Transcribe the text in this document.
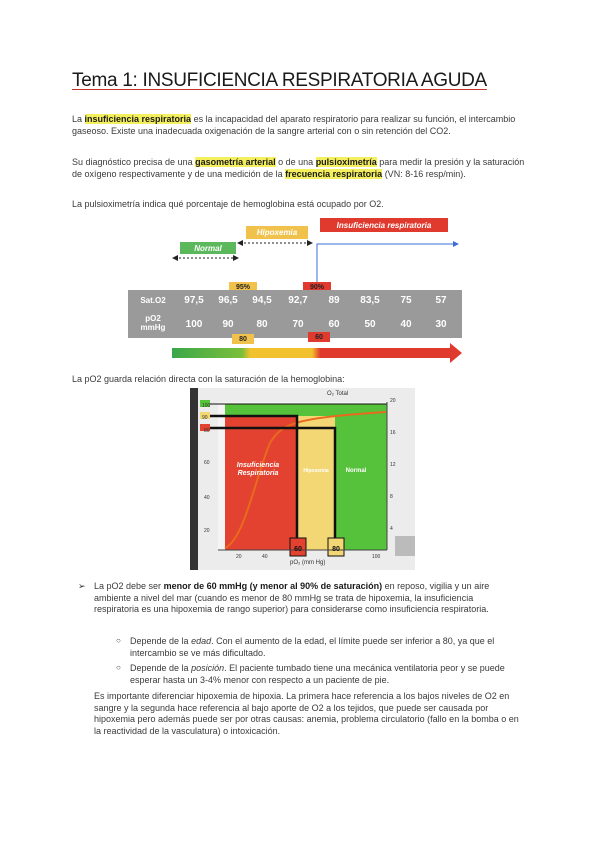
Tema 1: INSUFICIENCIA RESPIRATORIA AGUDA
La insuficiencia respiratoria es la incapacidad del aparato respiratorio para realizar su función, el intercambio gaseoso. Existe una inadecuada oxigenación de la sangre arterial con o sin retención del CO2.
Su diagnóstico precisa de una gasometría arterial o de una pulsioximetría para medir la presión y la saturación de oxígeno respectivamente y de una medición de la frecuencia respiratoria (VN: 8-16 resp/min).
La pulsioximetría indica qué porcentaje de hemoglobina está ocupado por O2.
Insuficiencia respiratoria
Hipoxemia
Normal
95%	90%
Sat.O2	97,5	96,5	94,5	92,7	89	83,5	75	57
pO2
mmHg	100	90	80	70	60	50	40	30
80	60
La pO2 guarda relación directa con la saturación de la hemoglobina:
Insuficiencia
Respiratoria	Hipoxemia	Normal
O₂ Total
60	80
pO₂ (mm Hg)
100
90
80
60
40
20
20
16
12
8
4
20	40	100
➢ La pO2 debe ser menor de 60 mmHg (y menor al 90% de saturación) en reposo, vigilia y un aire ambiente a nivel del mar (cuando es menor de 80 mmHg se trata de hipoxemia, la insuficiencia respiratoria es una hipoxemia de rango superior) para considerarse como insuficiencia respiratoria.
○ Depende de la edad. Con el aumento de la edad, el límite puede ser inferior a 80, ya que el intercambio se ve más dificultado.
○ Depende de la posición. El paciente tumbado tiene una mecánica ventilatoria peor y se puede esperar hasta un 3-4% menor con respecto a un paciente de pie.
Es importante diferenciar hipoxemia de hipoxia. La primera hace referencia a los bajos niveles de O2 en sangre y la segunda hace referencia al bajo aporte de O2 a los tejidos, que puede ser causada por hipoxemia pero además puede ser por otras causas: anemia, problema circulatorio (fallo en la bomba o en la reactividad de la vasculatura) o intoxicación.
